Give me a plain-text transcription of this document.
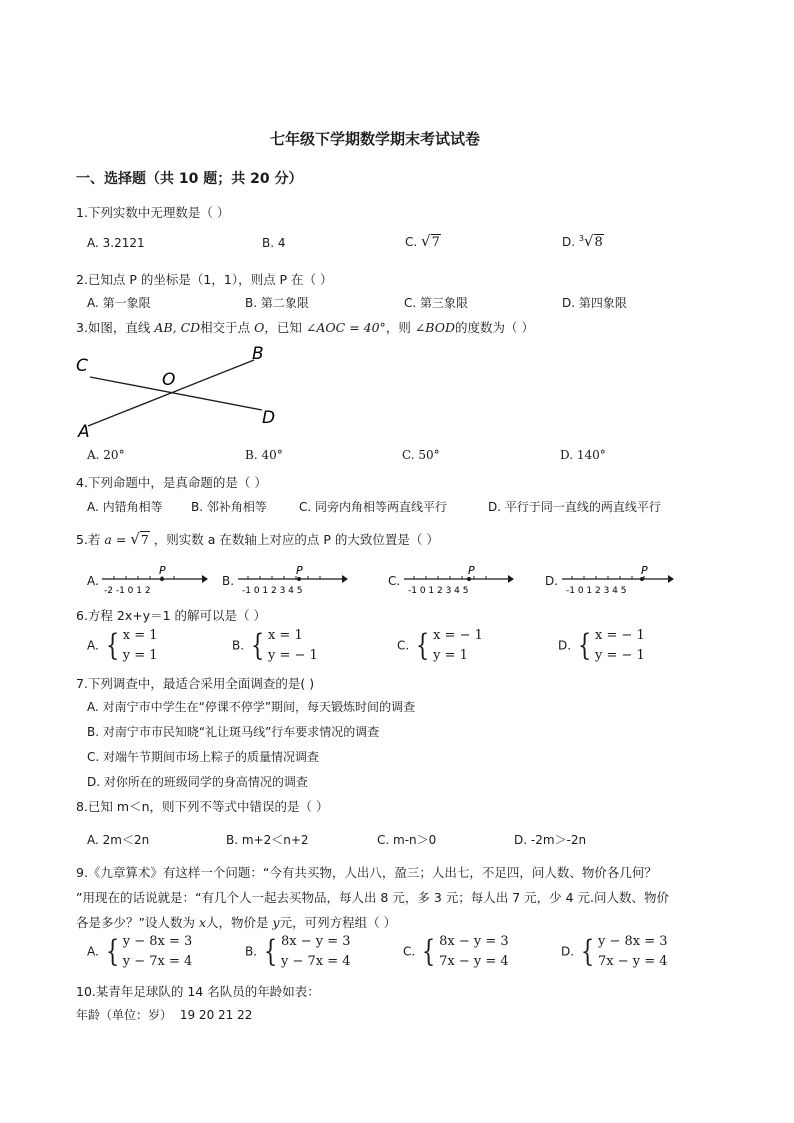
七年级下学期数学期末考试试卷
一、选择题（共 10 题；共 20 分）
1.下列实数中无理数是（ ）
A. 3.2121	B. 4	C. √7	D. $^3$√8
2.已知点 P 的坐标是（1，1），则点 P 在（ ）
A. 第一象限	B. 第二象限	C. 第三象限	D. 第四象限
3.如图，直线 AB, CD相交于点 O，已知 ∠AOC = 40°，则 ∠BOD的度数为（ ）
C
B
O
D
A
A. 20°	B. 40°	C. 50°	D. 140°
4.下列命题中，是真命题的是（ ）
A. 内错角相等 B. 邻补角相等	C. 同旁内角相等两直线平行	D. 平行于同一直线的两直线平行
5.若 a = √7 ，则实数 a 在数轴上对应的点 P 的大致位置是（ ）
A.
P
-2 -1 0 1 2
B.
P
-1 0 1 2 3 4 5
C.
P
-1 0 1 2 3 4 5
D.
P
-1 0 1 2 3 4 5
6.方程 2x+y＝1 的解可以是（ ）
A. { x = 1
y = 1
B. { x = 1
y = − 1
C. { x = − 1
y = 1
D. { x = − 1
y = − 1
7.下列调查中，最适合采用全面调查的是( )
A. 对南宁市中学生在“停课不停学”期间，每天锻炼时间的调查
B. 对南宁市市民知晓“礼让斑马线”行车要求情况的调查
C. 对端午节期间市场上粽子的质量情况调查
D. 对你所在的班级同学的身高情况的调查
8.已知 m＜n，则下列不等式中错误的是（ ）
A. 2m＜2n	B. m+2＜n+2	C. m-n＞0	D. -2m＞-2n
9.《九章算术》有这样一个问题：“今有共买物，人出八，盈三；人出七，不足四，问人数、物价各几何？
”用现在的话说就是：“有几个人一起去买物品，每人出 8 元，多 3 元；每人出 7 元，少 4 元.问人数、物价
各是多少？”设人数为 x人，物价是 y元，可列方程组（ ）
A. { y − 8x = 3
y − 7x = 4
B. { 8x − y = 3
y − 7x = 4
C. { 8x − y = 3
7x − y = 4
D. { y − 8x = 3
7x − y = 4
10.某青年足球队的 14 名队员的年龄如表：
年龄（单位：岁） 19 20 21 22
